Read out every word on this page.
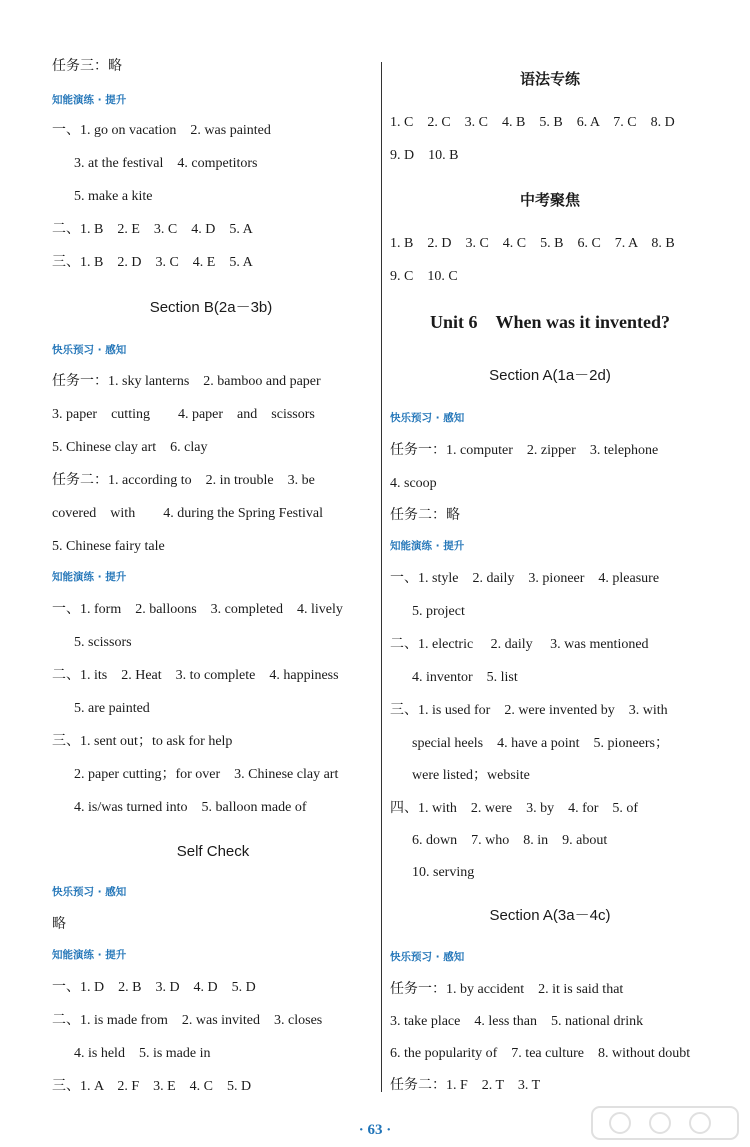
任务三：略
知能演练 · 提升
一、1. go on vacation　2. was painted
3. at the festival　4. competitors
5. make a kite
二、1. B　2. E　3. C　4. D　5. A
三、1. B　2. D　3. C　4. E　5. A
Section B(2a－3b)
快乐预习 · 感知
任务一：1. sky lanterns　2. bamboo and paper
3. paper　cutting　　4. paper　and　scissors
5. Chinese clay art　6. clay
任务二：1. according to　2. in trouble　3. be
covered　with　　4. during the Spring Festival
5. Chinese fairy tale
知能演练 · 提升
一、1. form　2. balloons　3. completed　4. lively
5. scissors
二、1. its　2. Heat　3. to complete　4. happiness
5. are painted
三、1. sent out；to ask for help
2. paper cutting；for over　3. Chinese clay art
4. is/was turned into　5. balloon made of
Self Check
快乐预习 · 感知
略
知能演练 · 提升
一、1. D　2. B　3. D　4. D　5. D
二、1. is made from　2. was invited　3. closes
4. is held　5. is made in
三、1. A　2. F　3. E　4. C　5. D
语法专练
1. C　2. C　3. C　4. B　5. B　6. A　7. C　8. D
9. D　10. B
中考聚焦
1. B　2. D　3. C　4. C　5. B　6. C　7. A　8. B
9. C　10. C
Unit 6　When was it invented?
Section A(1a－2d)
快乐预习 · 感知
任务一：1. computer　2. zipper　3. telephone
4. scoop
任务二：略
知能演练 · 提升
一、1. style　2. daily　3. pioneer　4. pleasure
5. project
二、1. electric　 2. daily　 3. was mentioned
4. inventor　5. list
三、1. is used for　2. were invented by　3. with
special heels　4. have a point　5. pioneers；
were listed；website
四、1. with　2. were　3. by　4. for　5. of
6. down　7. who　8. in　9. about
10. serving
Section A(3a－4c)
快乐预习 · 感知
任务一：1. by accident　2. it is said that
3. take place　4. less than　5. national drink
6. the popularity of　7. tea culture　8. without doubt
任务二：1. F　2. T　3. T
· 63 ·
